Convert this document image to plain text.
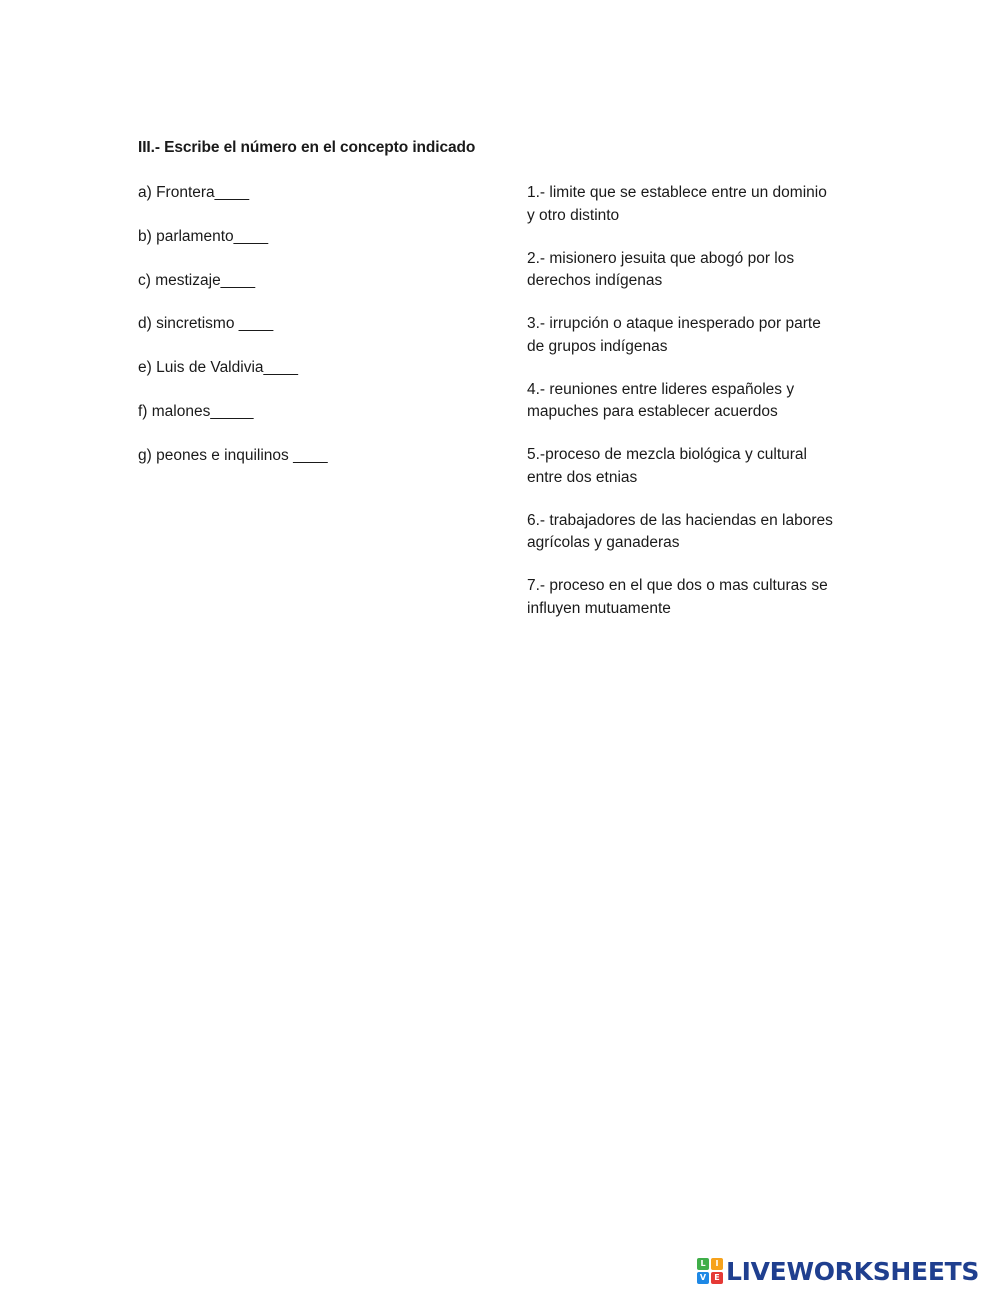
III.- Escribe el número en el concepto indicado
a) Frontera____
b) parlamento____
c) mestizaje____
d) sincretismo ____
e) Luis de Valdivia____
f) malones_____
g) peones e inquilinos ____
1.- limite que se establece entre un dominio
y otro distinto
2.- misionero jesuita que abogó por los
derechos indígenas
3.- irrupción o ataque inesperado por parte
de grupos indígenas
4.- reuniones entre lideres españoles y
mapuches para establecer acuerdos
5.-proceso de mezcla biológica y cultural
entre dos etnias
6.- trabajadores de las haciendas en labores
agrícolas y ganaderas
7.- proceso en el que dos o mas culturas se
influyen mutuamente
L	I
V	E LIVEWORKSHEETS
